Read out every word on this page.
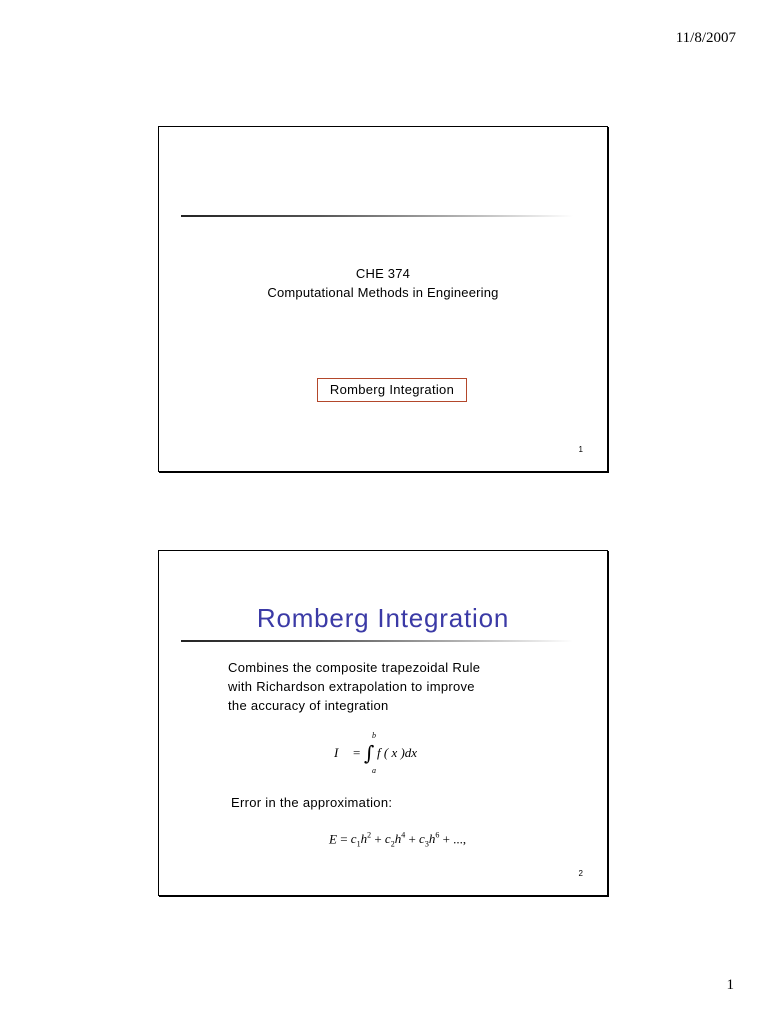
11/8/2007
CHE 374
Computational Methods in Engineering
Romberg Integration
1
Romberg Integration
Combines the composite trapezoidal Rule
with Richardson extrapolation to improve
the accuracy of integration
I = ∫
b
a
f ( x )dx
Error in the approximation:
$E = c_1h^2 + c_2h^4 + c_3h^6$ + ...,
2
1
